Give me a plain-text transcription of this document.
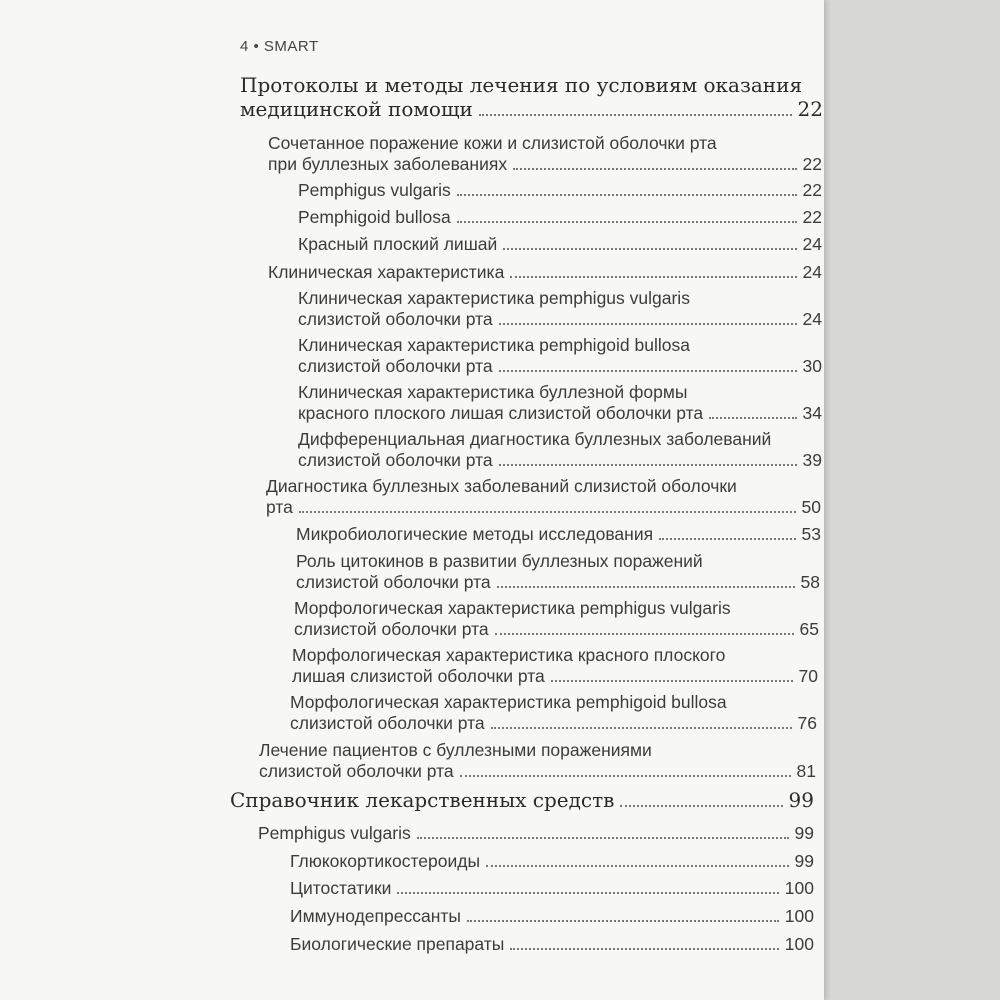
4 • SMART
Протоколы и методы лечения по условиям оказания
медицинской помощи	22
Сочетанное поражение кожи и слизистой оболочки рта
при буллезных заболеваниях	22
Pemphigus vulgaris	22
Pemphigoid bullosa	22
Красный плоский лишай	24
Клиническая характеристика	24
Клиническая характеристика pemphigus vulgaris
слизистой оболочки рта	24
Клиническая характеристика pemphigoid bullosa
слизистой оболочки рта	30
Клиническая характеристика буллезной формы
красного плоского лишая слизистой оболочки рта	34
Дифференциальная диагностика буллезных заболеваний
слизистой оболочки рта	39
Диагностика буллезных заболеваний слизистой оболочки
рта	50
Микробиологические методы исследования	53
Роль цитокинов в развитии буллезных поражений
слизистой оболочки рта	58
Морфологическая характеристика pemphigus vulgaris
слизистой оболочки рта	65
Морфологическая характеристика красного плоского
лишая слизистой оболочки рта	70
Морфологическая характеристика pemphigoid bullosa
слизистой оболочки рта	76
Лечение пациентов с буллезными поражениями
слизистой оболочки рта	81
Справочник лекарственных средств	99
Pemphigus vulgaris	99
Глюкокортикостероиды	99
Цитостатики	100
Иммунодепрессанты	100
Биологические препараты	100
